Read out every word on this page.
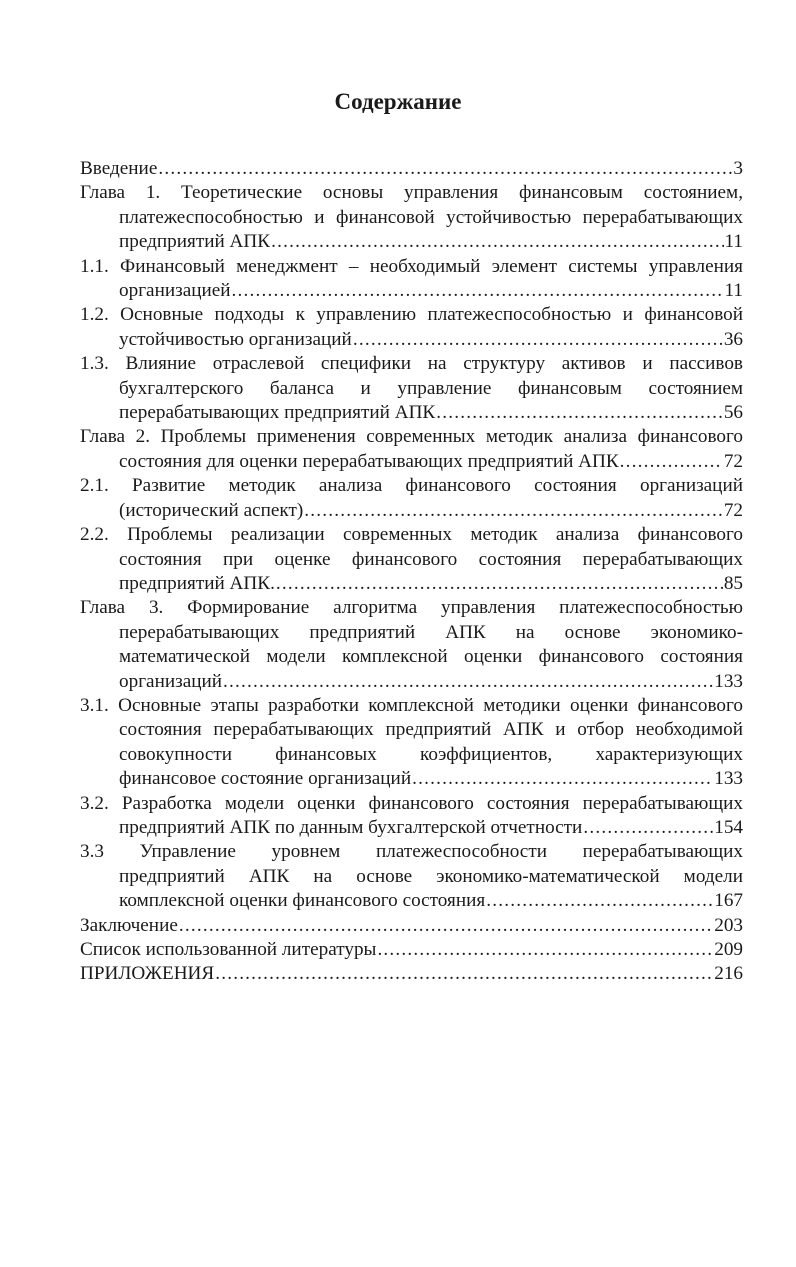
Содержание
Введение .....	3
Глава 1. Теоретические основы управления финансовым состоянием,
платежеспособностью и финансовой устойчивостью перерабатывающих
предприятий АПК .....	11
1.1. Финансовый менеджмент – необходимый элемент системы управления
организацией .....	11
1.2. Основные подходы к управлению платежеспособностью и финансовой
устойчивостью организаций .....	36
1.3. Влияние отраслевой специфики на структуру активов и пассивов
бухгалтерского баланса и управление финансовым состоянием
перерабатывающих предприятий АПК .....	56
Глава 2. Проблемы применения современных методик анализа финансового
состояния для оценки перерабатывающих предприятий АПК .....	72
2.1. Развитие методик анализа финансового состояния организаций
(исторический аспект) .....	72
2.2. Проблемы реализации современных методик анализа финансового
состояния при оценке финансового состояния перерабатывающих
предприятий АПК. .....	85
Глава 3. Формирование алгоритма управления платежеспособностью
перерабатывающих предприятий АПК на основе экономико-
математической модели комплексной оценки финансового состояния
организаций .....	133
3.1. Основные этапы разработки комплексной методики оценки финансового
состояния перерабатывающих предприятий АПК и отбор необходимой
совокупности финансовых коэффициентов, характеризующих
финансовое состояние организаций .....	133
3.2. Разработка модели оценки финансового состояния перерабатывающих
предприятий АПК по данным бухгалтерской отчетности .....	154
3.3 Управление уровнем платежеспособности перерабатывающих
предприятий АПК на основе экономико-математической модели
комплексной оценки финансового состояния .....	167
Заключение .....	203
Список использованной литературы .....	209
ПРИЛОЖЕНИЯ .....	216
